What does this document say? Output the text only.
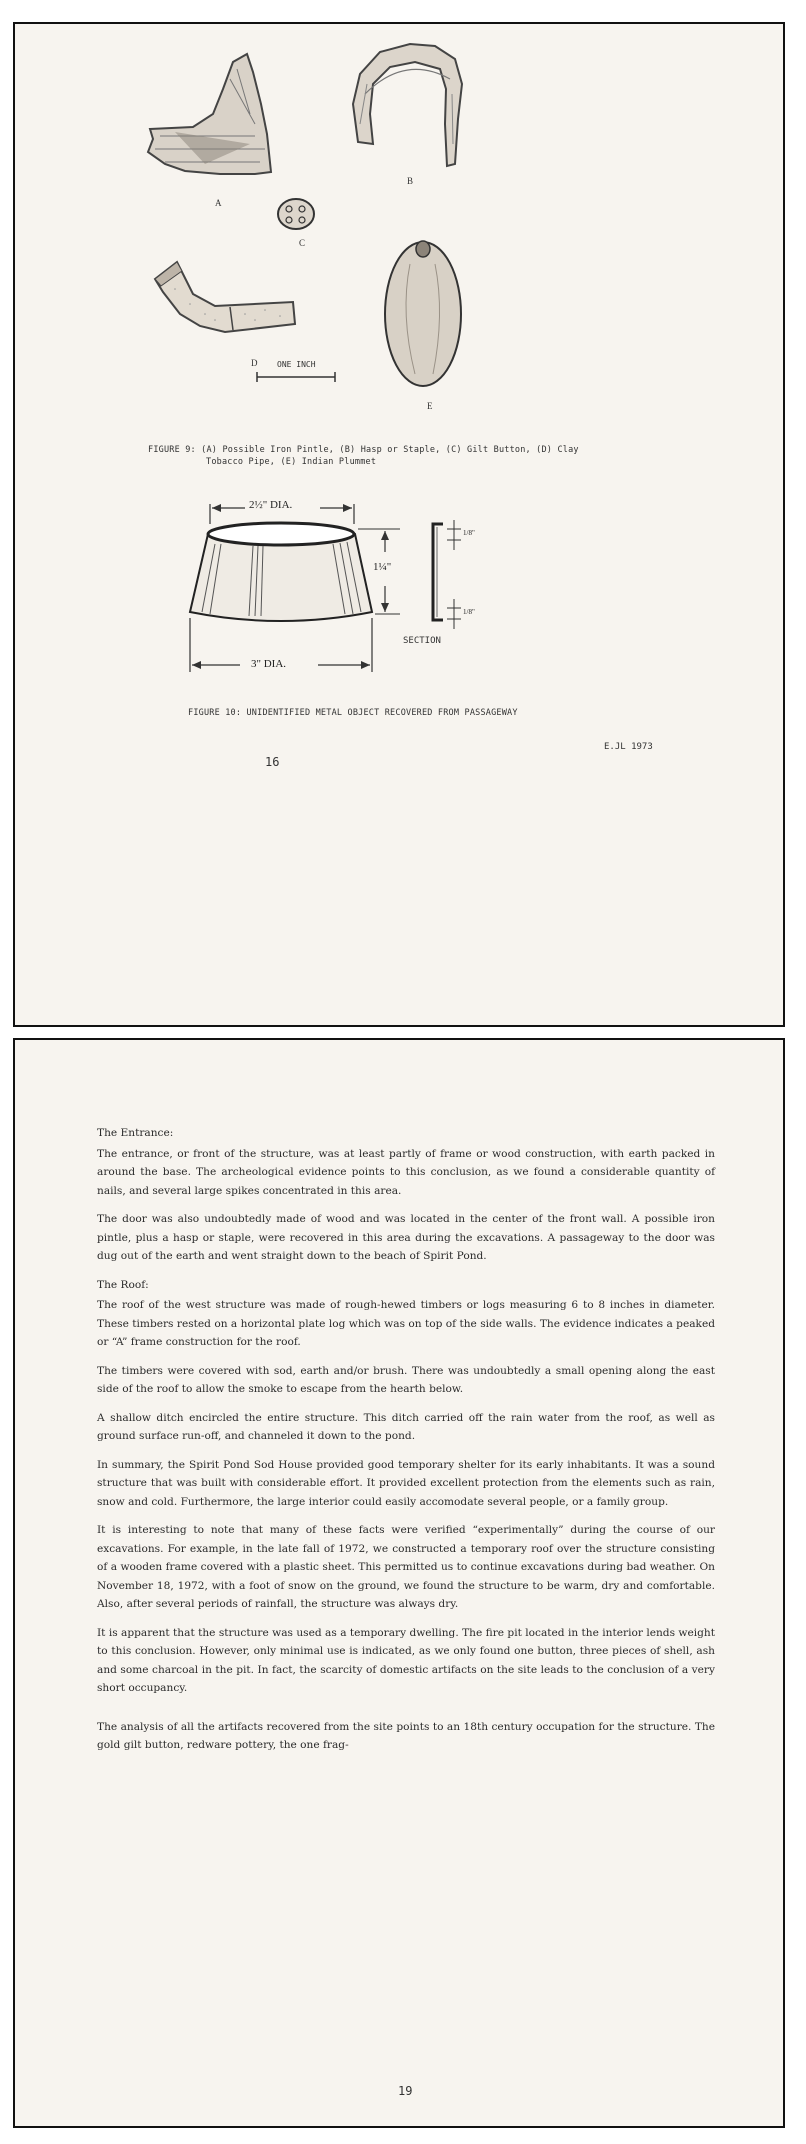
A
B
C
D
E
ONE INCH
FIGURE 9: (A) Possible Iron Pintle, (B) Hasp or Staple, (C) Gilt Button, (D) Clay
Tobacco Pipe, (E) Indian Plummet
2½" DIA.
1¼"
3" DIA.
1/8"
1/8"
SECTION
FIGURE 10: UNIDENTIFIED METAL OBJECT RECOVERED FROM PASSAGEWAY
E.JL 1973
16

The Entrance:

The entrance, or front of the structure, was at least partly of frame or wood construction, with earth packed in around the base. The archeological evidence points to this conclusion, as we found a considerable quantity of nails, and several large spikes concentrated in this area.

The door was also undoubtedly made of wood and was located in the center of the front wall. A possible iron pintle, plus a hasp or staple, were recovered in this area during the excavations. A passageway to the door was dug out of the earth and went straight down to the beach of Spirit Pond.

The Roof:

The roof of the west structure was made of rough-hewed timbers or logs measuring 6 to 8 inches in diameter. These timbers rested on a horizontal plate log which was on top of the side walls. The evidence indicates a peaked or “A” frame construction for the roof.

The timbers were covered with sod, earth and/or brush. There was undoubtedly a small opening along the east side of the roof to allow the smoke to escape from the hearth below.

A shallow ditch encircled the entire structure. This ditch carried off the rain water from the roof, as well as ground surface run-off, and channeled it down to the pond.

In summary, the Spirit Pond Sod House provided good temporary shelter for its early inhabitants. It was a sound structure that was built with considerable effort. It provided excellent protection from the elements such as rain, snow and cold. Furthermore, the large interior could easily accomodate several people, or a family group.

It is interesting to note that many of these facts were verified “experimentally” during the course of our excavations. For example, in the late fall of 1972, we constructed a temporary roof over the structure consisting of a wooden frame covered with a plastic sheet. This permitted us to continue excavations during bad weather. On November 18, 1972, with a foot of snow on the ground, we found the structure to be warm, dry and comfortable. Also, after several periods of rainfall, the structure was always dry.

It is apparent that the structure was used as a temporary dwelling. The fire pit located in the interior lends weight to this conclusion. However, only minimal use is indicated, as we only found one button, three pieces of shell, ash and some charcoal in the pit. In fact, the scarcity of domestic artifacts on the site leads to the conclusion of a very short occupancy.

The analysis of all the artifacts recovered from the site points to an 18th century occupation for the structure. The gold gilt button, redware pottery, the one frag-

19
